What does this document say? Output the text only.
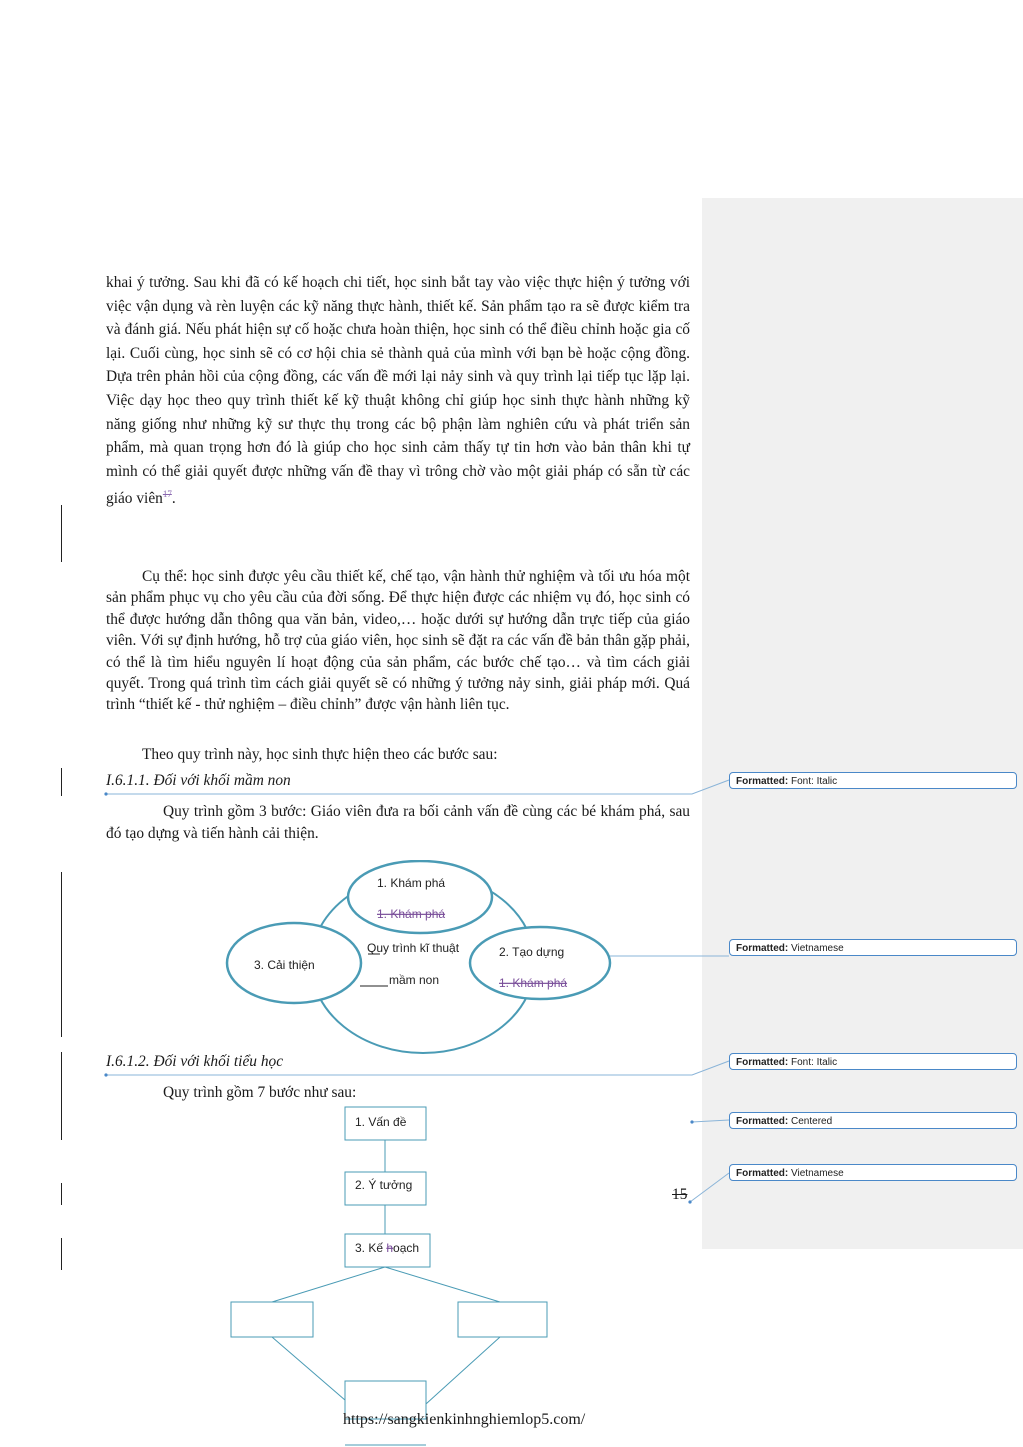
khai ý tưởng. Sau khi đã có kế hoạch chi tiết, học sinh bắt tay vào việc thực hiện ý tưởng với việc vận dụng và rèn luyện các kỹ năng thực hành, thiết kế. Sản phẩm tạo ra sẽ được kiểm tra và đánh giá. Nếu phát hiện sự cố hoặc chưa hoàn thiện, học sinh có thể điều chỉnh hoặc gia cố lại. Cuối cùng, học sinh sẽ có cơ hội chia sẻ thành quả của mình với bạn bè hoặc cộng đồng. Dựa trên phản hồi của cộng đồng, các vấn đề mới lại nảy sinh và quy trình lại tiếp tục lặp lại. Việc dạy học theo quy trình thiết kế kỹ thuật không chỉ giúp học sinh thực hành những kỹ năng giống như những kỹ sư thực thụ trong các bộ phận làm nghiên cứu và phát triển sản phẩm, mà quan trọng hơn đó là giúp cho học sinh cảm thấy tự tin hơn vào bản thân khi tự mình có thể giải quyết được những vấn đề thay vì trông chờ vào một giải pháp có sẵn từ các giáo viên$^{17}$.
Cụ thể: học sinh được yêu cầu thiết kế, chế tạo, vận hành thử nghiệm và tối ưu hóa một sản phẩm phục vụ cho yêu cầu của đời sống. Để thực hiện được các nhiệm vụ đó, học sinh có thể được hướng dẫn thông qua văn bản, video,… hoặc dưới sự hướng dẫn trực tiếp của giáo viên. Với sự định hướng, hỗ trợ của giáo viên, học sinh sẽ đặt ra các vấn đề bản thân gặp phải, có thể là tìm hiểu nguyên lí hoạt động của sản phẩm, các bước chế tạo… và tìm cách giải quyết. Trong quá trình tìm cách giải quyết sẽ có những ý tưởng nảy sinh, giải pháp mới. Quá trình “thiết kế - thử nghiệm – điều chỉnh” được vận hành liên tục.
Theo quy trình này, học sinh thực hiện theo các bước sau:
I.6.1.1. Đối với khối mầm non
Quy trình gồm 3 bước: Giáo viên đưa ra bối cảnh vấn đề cùng các bé khám phá, sau đó tạo dựng và tiến hành cải thiện.
Quy trình kĩ thuật
mầm non
1. Khám phá
1. Khám phá
2. Tạo dựng
1. Khám phá
3. Cải thiện
I.6.1.2. Đối với khối tiểu học
Quy trình gồm 7 bước như sau:
1. Vấn đề
2. Ý tưởng
3. Kế hoạch
15
https://sangkienkinhnghiemlop5.com/
Formatted: Font: Italic
Formatted: Vietnamese
Formatted: Font: Italic
Formatted: Centered
Formatted: Vietnamese
